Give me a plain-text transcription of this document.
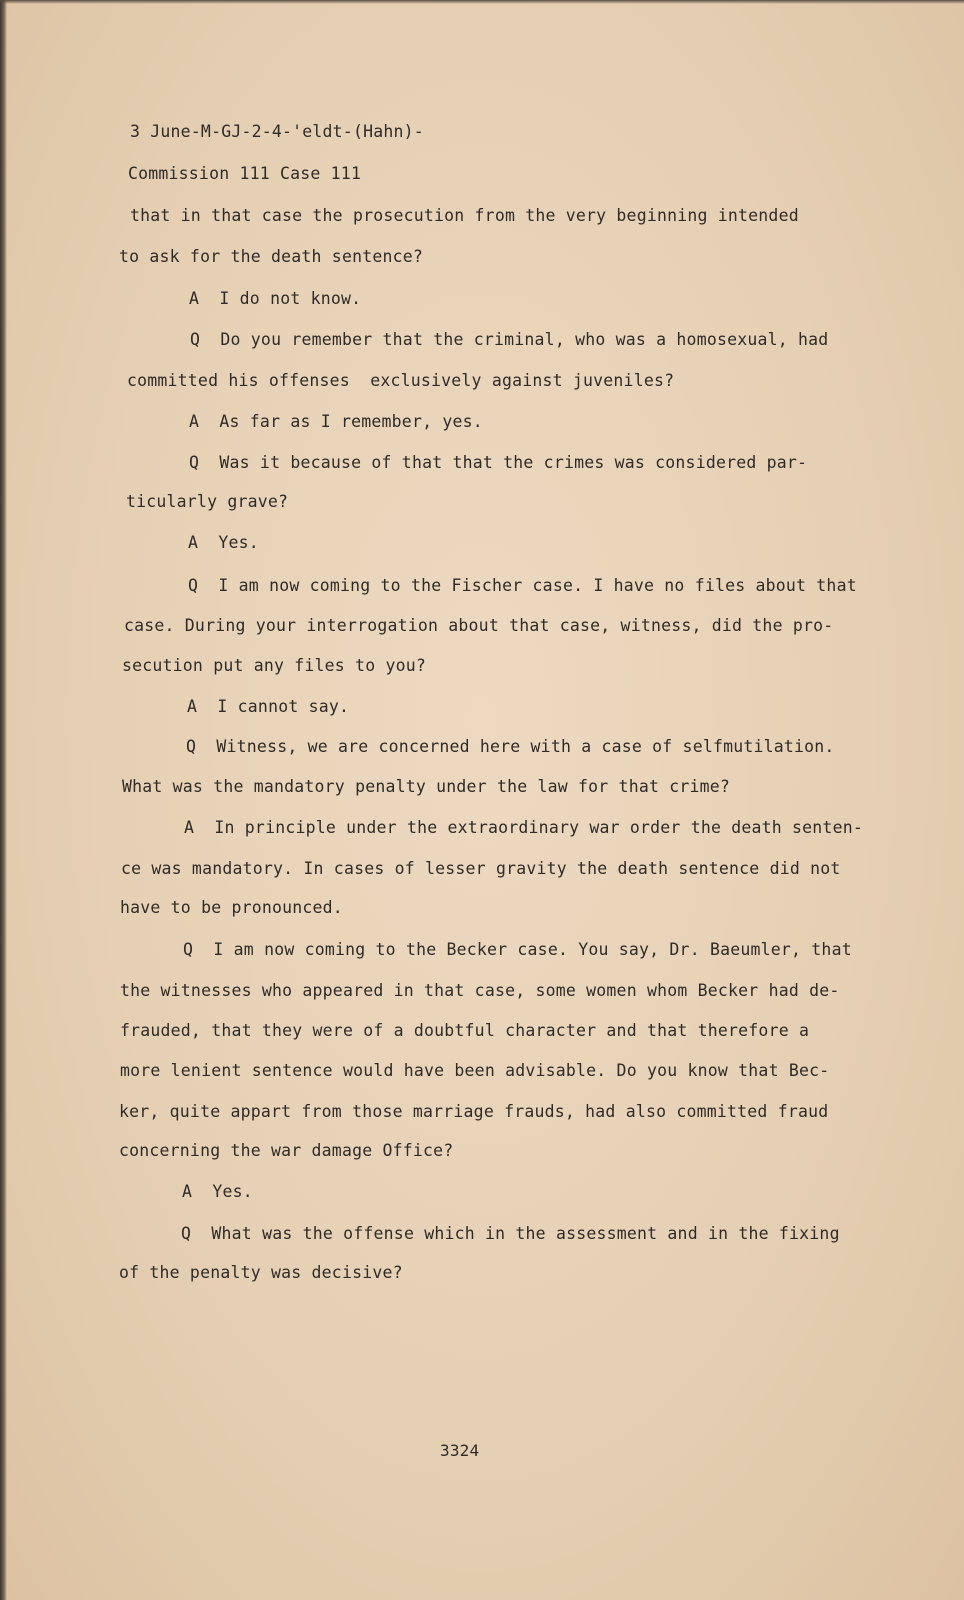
3 June-M-GJ-2-4-'eldt-(Hahn)-
Commission 111 Case 111
that in that case the prosecution from the very beginning intended
to ask for the death sentence?
A  I do not know.
Q  Do you remember that the criminal, who was a homosexual, had
committed his offenses  exclusively against juveniles?
A  As far as I remember, yes.
Q  Was it because of that that the crimes was considered par-
ticularly grave?
A  Yes.
Q  I am now coming to the Fischer case. I have no files about that
case. During your interrogation about that case, witness, did the pro-
secution put any files to you?
A  I cannot say.
Q  Witness, we are concerned here with a case of selfmutilation.
What was the mandatory penalty under the law for that crime?
A  In principle under the extraordinary war order the death senten-
ce was mandatory. In cases of lesser gravity the death sentence did not
have to be pronounced.
Q  I am now coming to the Becker case. You say, Dr. Baeumler, that
the witnesses who appeared in that case, some women whom Becker had de-
frauded, that they were of a doubtful character and that therefore a
more lenient sentence would have been advisable. Do you know that Bec-
ker, quite appart from those marriage frauds, had also committed fraud
concerning the war damage Office?
A  Yes.
Q  What was the offense which in the assessment and in the fixing
of the penalty was decisive?
3324
